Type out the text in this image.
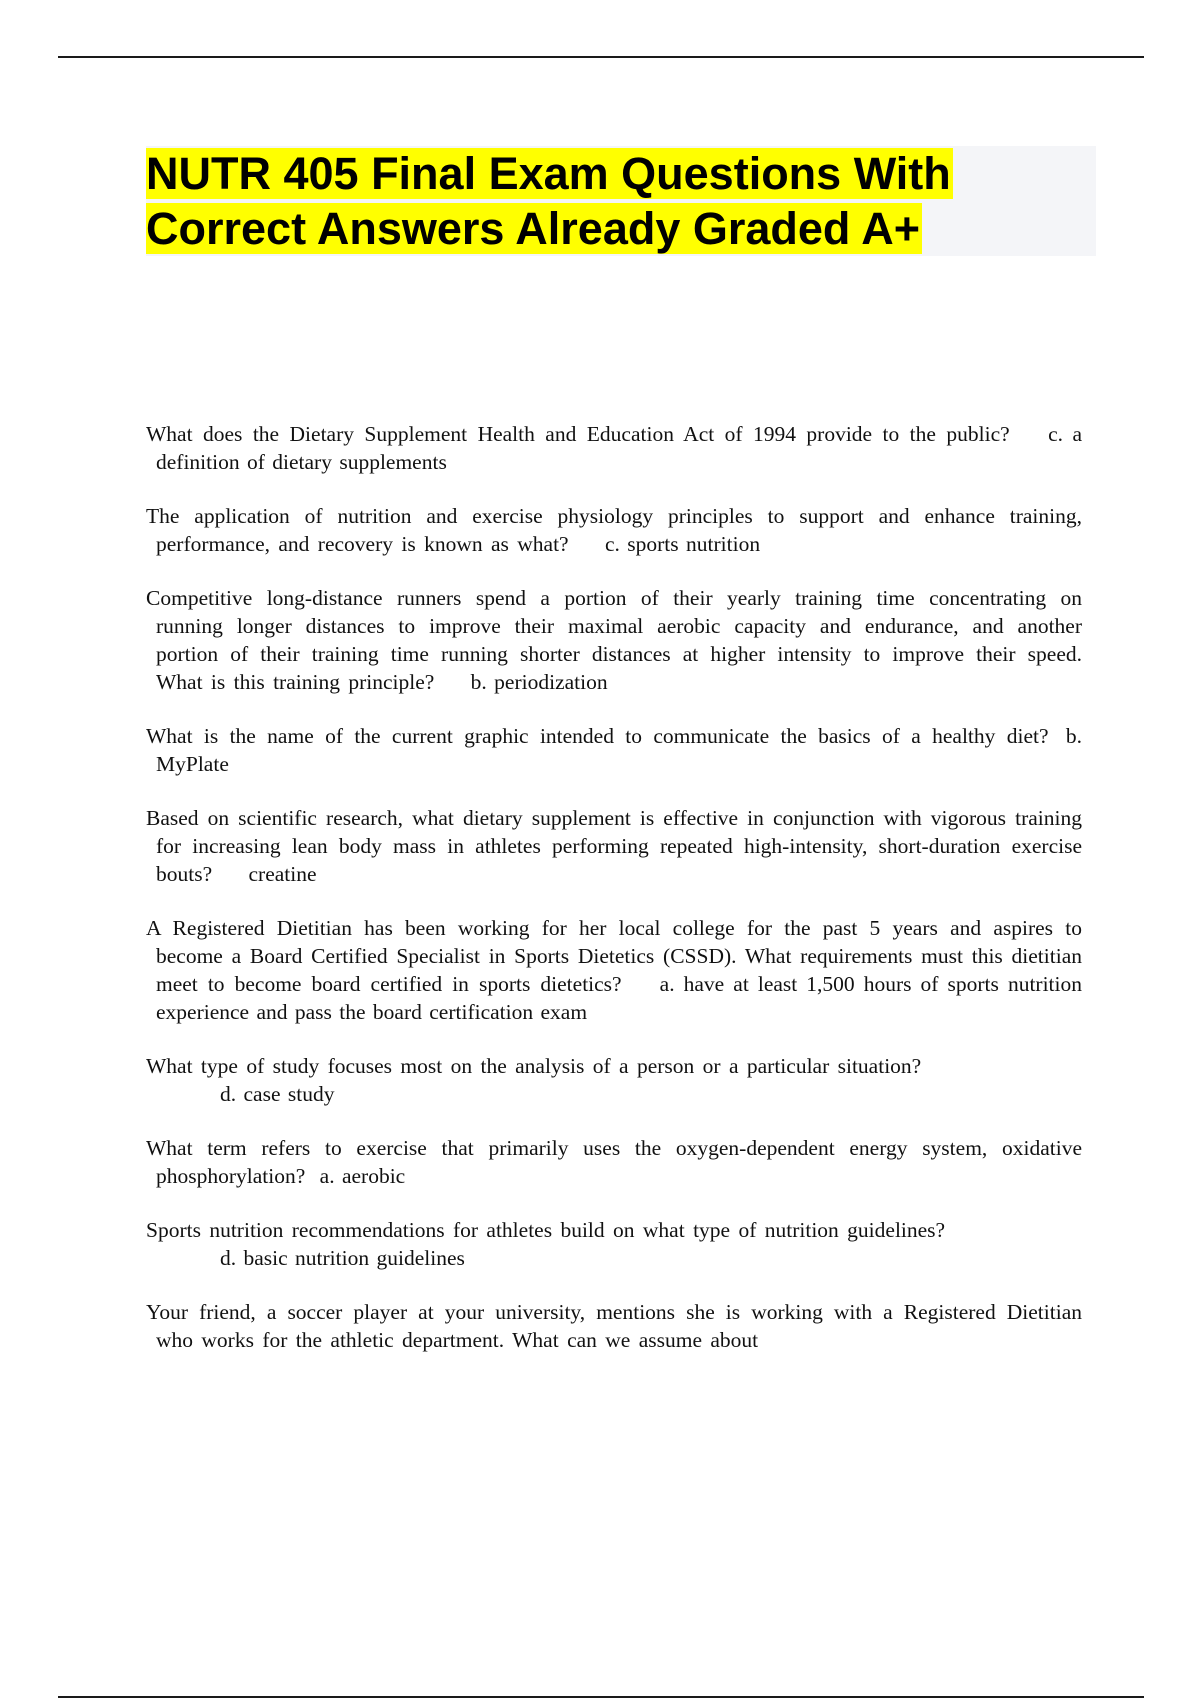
NUTR 405 Final Exam Questions With
Correct Answers Already Graded A+

What does the Dietary Supplement Health and Education Act of 1994 provide to the public? c. a definition of dietary supplements

The application of nutrition and exercise physiology principles to support and enhance training, performance, and recovery is known as what? c. sports nutrition

Competitive long-distance runners spend a portion of their yearly training time concentrating on running longer distances to improve their maximal aerobic capacity and endurance, and another portion of their training time running shorter distances at higher intensity to improve their speed. What is this training principle? b. periodization

What is the name of the current graphic intended to communicate the basics of a healthy diet? b. MyPlate

Based on scientific research, what dietary supplement is effective in conjunction with vigorous training for increasing lean body mass in athletes performing repeated high-intensity, short-duration exercise bouts? creatine

A Registered Dietitian has been working for her local college for the past 5 years and aspires to become a Board Certified Specialist in Sports Dietetics (CSSD). What requirements must this dietitian meet to become board certified in sports dietetics? a. have at least 1,500 hours of sports nutrition experience and pass the board certification exam

What type of study focuses most on the analysis of a person or a particular situation?
d. case study

What term refers to exercise that primarily uses the oxygen-dependent energy system, oxidative phosphorylation? a. aerobic

Sports nutrition recommendations for athletes build on what type of nutrition guidelines?
d. basic nutrition guidelines

Your friend, a soccer player at your university, mentions she is working with a Registered Dietitian who works for the athletic department. What can we assume about
